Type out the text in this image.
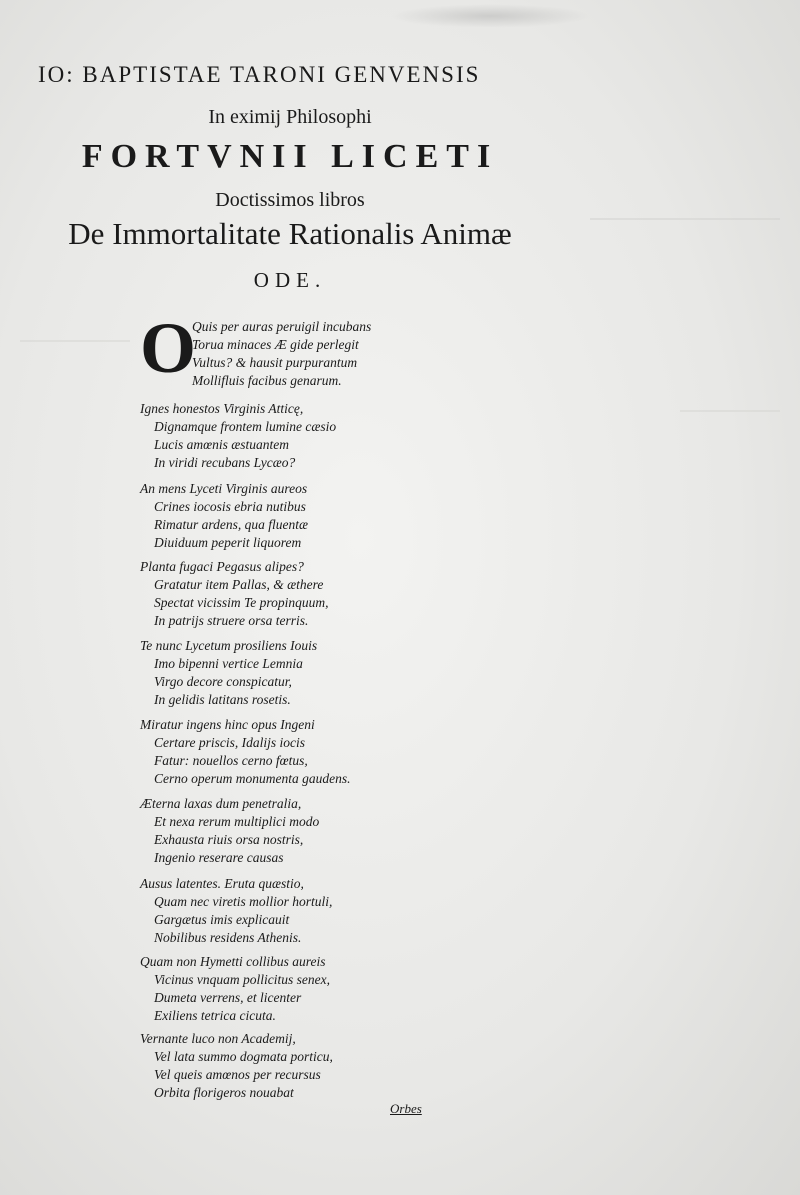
IO: BAPTISTAE TARONI GENVENSIS
In eximij Philosophi
FORTVNII LICETI
Doctissimos libros
De Immortalitate Rationalis Animæ
ODE.
O
Quis per auras peruigil incubans
Torua minaces Æ gide perlegit
Vultus? & hausit purpurantum
Mollifluis facibus genarum.
Ignes honestos Virginis Atticę,
Dignamque frontem lumine cæsio
Lucis amœnis æstuantem
In viridi recubans Lycæo?
An mens Lyceti Virginis aureos
Crines iocosis ebria nutibus
Rimatur ardens, qua fluentæ
Diuiduum peperit liquorem
Planta fugaci Pegasus alipes?
Gratatur item Pallas, & æthere
Spectat vicissim Te propinquum,
In patrijs struere orsa terris.
Te nunc Lycetum prosiliens Iouis
Imo bipenni vertice Lemnia
Virgo decore conspicatur,
In gelidis latitans rosetis.
Miratur ingens hinc opus Ingeni
Certare priscis, Idalijs iocis
Fatur: nouellos cerno fœtus,
Cerno operum monumenta gaudens.
Æterna laxas dum penetralia,
Et nexa rerum multiplici modo
Exhausta riuis orsa nostris,
Ingenio reserare causas
Ausus latentes. Eruta quæstio,
Quam nec viretis mollior hortuli,
Gargætus imis explicauit
Nobilibus residens Athenis.
Quam non Hymetti collibus aureis
Vicinus vnquam pollicitus senex,
Dumeta verrens, et licenter
Exiliens tetrica cicuta.
Vernante luco non Academij,
Vel lata summo dogmata porticu,
Vel queis amœnos per recursus
Orbita florigeros nouabat
Orbes
